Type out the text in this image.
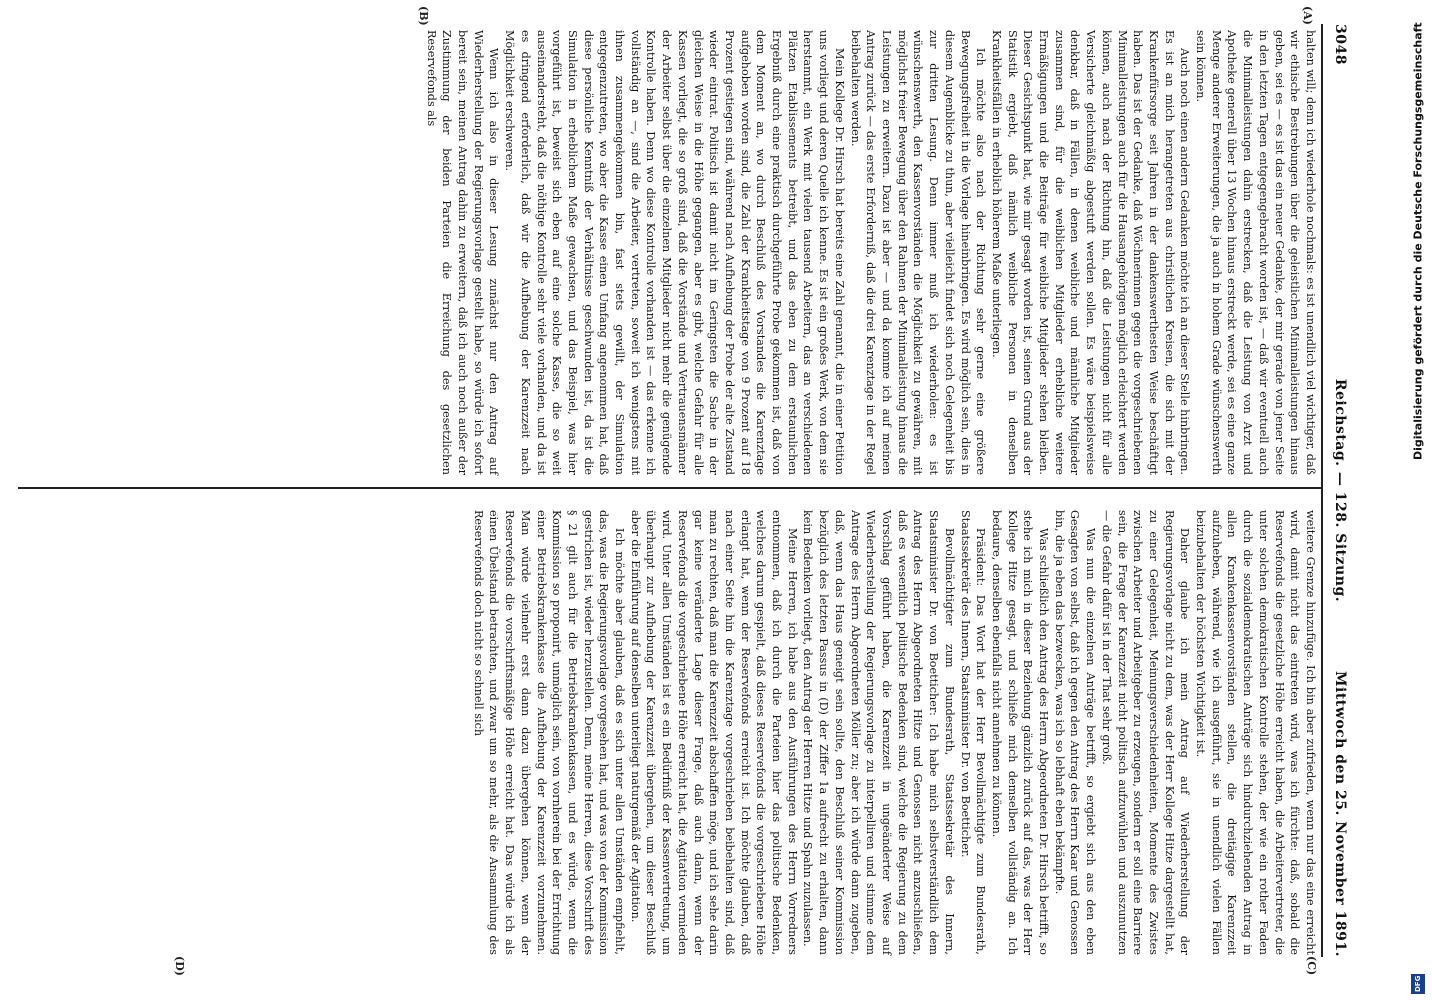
3048
Reichstag. — 128. Sitzung.
Mittwoch den 25. November 1891.
(A)
(B)
(C)
(D)

halten will; denn ich wiederhole nochmals: es ist unendlich viel wichtiger, daß wir ethische Bestrebungen über die geleistlichen Minimalleistungen hinaus geben, sei es — es ist das ein neuer Gedanke, der mir gerade von jener Seite in den letzten Tagen entgegengebracht worden ist, — daß wir eventuell auch die Minimalleistungen dahin erstrecken, daß die Leistung von Arzt und Apotheke generell über 13 Wochen hinaus erstreckt werde, sei es eine ganze Menge anderer Erweiterungen, die ja auch in hohem Grade wünschenswerth sein können.

Auch noch einen andern Gedanken möchte ich an dieser Stelle hinbringen. Es ist an mich herangetreten aus christlichen Kreisen, die sich mit der Krankenfürsorge seit Jahren in der dankenswerthesten Weise beschäftigt haben. Das ist der Gedanke, daß Wöchnerinnen gegen die vorgeschriebenen Minimalleistungen auch für die Hausangehörigen möglich erleichtert werden können, auch nach der Richtung hin, daß die Leistungen nicht für alle Versicherte gleichmäßig abgestuft werden sollen. Es wäre beispielsweise denkbar, daß in Fällen, in denen weibliche und männliche Mitglieder zusammen sind, für die weiblichen Mitglieder erhebliche weitere Ermäßigungen und die Beiträge für weibliche Mitglieder stehen bleiben. Dieser Gesichtspunkt hat, wie mir gesagt worden ist, seinen Grund aus der Statistik ergiebt, daß nämlich weibliche Personen in denselben Krankheitsfällen in erheblich höherem Maße unterliegen.

Ich möchte also nach der Richtung sehr gerne eine größere Bewegungsfreiheit in die Vorlage hineinbringen. Es wird möglich sein, dies in diesem Augenblicke zu thun, aber vielleicht findet sich noch Gelegenheit bis zur dritten Lesung. Denn immer muß ich wiederholen: es ist wünschenswerth, den Kassenvorständen die Möglichkeit zu gewähren, mit möglichst freier Bewegung über den Rahmen der Minimalleistung hinaus die Leistungen zu erweitern. Dazu ist aber — und da komme ich auf meinen Antrag zurück — das erste Erforderniß, daß die drei Karenztage in der Regel beibehalten werden.

Mein Kollege Dr. Hirsch hat bereits eine Zahl genannt, die in einer Petition uns vorliegt und deren Quelle ich kenne. Es ist ein großes Werk, von dem sie herstammt, ein Werk mit vielen tausend Arbeitern, das an verschiedenen Plätzen Etablissements betreibt, und das eben zu dem erstaunlichen Ergebniß durch eine praktisch durchgeführte Probe gekommen ist, daß von dem Moment an, wo durch Beschluß des Vorstandes die Karenztage aufgehoben worden sind, die Zahl der Krankheitstage von 9 Prozent auf 18 Prozent gestiegen sind, während nach Aufhebung der Probe der alte Zustand wieder eintrat. Politisch ist damit nicht im Geringsten die Sache in der gleichen Weise in die Höhe gegangen, aber es gibt, welche Gefahr für alle Kassen vorliegt, die so groß sind, daß die Vorstände und Vertrauensmänner der Arbeiter selbst über die einzelnen Mitglieder nicht mehr die genügende Kontrolle haben. Denn wo diese Kontrolle vorhanden ist — das erkenne ich vollständig an —, sind die Arbeiter, vertreten, soweit ich wenigstens mit ihnen zusammengekommen bin, fast stets gewillt, der Simulation entgegenzutreten, wo aber die Kasse einen Umfang angenommen hat, daß diese persönliche Kenntniß der Verhältnisse geschwunden ist, da ist die Simulation in erheblichem Maße gewachsen, und das Beispiel, was hier vorgeführt ist, beweist sich eben auf eine solche Kasse, die so weit auseinandersteht, daß die nöthige Kontrolle sehr viele vorhanden, und da ist es dringend erforderlich, daß wir die Aufhebung der Karenzzeit nach Möglichkeit erschweren.

Wenn ich also in dieser Lesung zunächst nur den Antrag auf Wiederherstellung der Regierungsvorlage gestellt habe, so würde ich sofort bereit sein, meinen Antrag dahin zu erweitern, daß ich auch noch außer der Zustimmung der beiden Parteien die Erreichung des gesetzlichen Reservefonds als

weitere Grenze hinzufüge. Ich bin aber zufrieden, wenn nur das eine erreicht wird, damit nicht das eintreten wird, was ich fürchte: daß, sobald die Reservefonds die gesetzliche Höhe erreicht haben, die Arbeitervertreter, die unter solchen demokratischen Kontrolle stehen, der wie ein rother Faden durch die sozialdemokratischen Anträge sich hindurchziehenden Antrag in allen Krankenkassenvorständen stellen, die dreitägige Karenzzeit aufzuheben, während, wie ich ausgeführt, sie in unendlich vielen Fällen beizubehalten der höchsten Wichtigkeit ist.

Daher glaube ich mein Antrag auf Wiederherstellung der Regierungsvorlage nicht zu dem, was der Herr Kollege Hitze dargestellt hat, zu einer Gelegenheit, Meinungsverschiedenheiten, Momente des Zwistes zwischen Arbeiter und Arbeitgeber zu erzeugen, sondern er soll eine Barriere sein, die Frage der Karenzzeit nicht politisch aufzuwühlen und auszunutzen — die Gefahr dafür ist in der That sehr groß.

Was nun die einzelnen Anträge betrifft, so ergiebt sich aus den eben Gesagten von selbst, daß ich gegen den Antrag des Herrn Kaar und Genossen bin, die ja eben das bezwecken, was ich so lebhaft eben bekämpfte.

Was schließlich den Antrag des Herrn Abgeordneten Dr. Hirsch betrifft, so stehe ich mich in dieser Beziehung gänzlich zurück auf das, was der Herr Kollege Hitze gesagt, und schließe mich demselben vollständig an. Ich bedaure, denselben ebenfalls nicht annehmen zu können.

Präsident: Das Wort hat der Herr Bevollmächtigte zum Bundesrath, Staatssekretär des Innern, Staatsminister Dr. von Boetticher.

Bevollmächtigter zum Bundesrath, Staatssekretär des Innern, Staatsminister Dr. von Boetticher: Ich habe mich selbstverständlich dem Antrag des Herrn Abgeordneten Hitze und Genossen nicht anzuschließen, daß es wesentlich politische Bedenken sind, welche die Regierung zu dem Vorschlag geführt haben, die Karenzzeit in ungeänderter Weise auf Wiederherstellung der Regierungsvorlage zu interpelliren und stimme dem Antrage des Herrn Abgeordneten Möller zu; aber ich würde dann zugeben, daß, wenn das Haus geneigt sein sollte, den Beschluß seiner Kommission bezüglich des letzten Passus in (D) der Ziffer 1a aufrecht zu erhalten, dann kein Bedenken vorliegt, den Antrag der Herren Hitze und Spahn zuzulassen.

Meine Herren, ich habe aus den Ausführungen des Herrn Vorredners entnommen, daß ich durch die Parteien hier das politische Bedenken, welches darum gespielt, daß dieses Reservefonds die vorgeschriebene Höhe erlangt hat, wenn der Reservefonds erreicht ist. Ich möchte glauben, daß nach einer Seite hin die Karenztage vorgeschrieben beibehalten sind, daß man zu rechten, daß man die Karenzzeit abschaffen möge, und ich sehe darin gar keine veränderte Lage dieser Frage, daß auch dann, wenn der Reservefonds die vorgeschriebene Höhe erreicht hat, die Agitation vermieden wird. Unter allen Umständen ist es ein Bedürfniß der Kassenvertretung, um überhaupt zur Aufhebung der Karenzzeit übergehen, um dieser Beschluß aber die Einführung auf denselben unterliegt naturgemäß der Agitation.

Ich möchte aber glauben, daß es sich unter allen Umständen empfiehlt, das, was die Regierungsvorlage vorgesehen hat, und was von der Kommission gestrichen ist, wieder herzustellen. Denn, meine Herren, diese Vorschrift des § 21 gilt auch für die Betriebskrankenkassen, und es würde, wenn die Kommission so proponirt, unmöglich sein, von vornherein bei der Errichtung einer Betriebskrankenkasse die Aufhebung der Karenzzeit vorzunehmen. Man würde vielmehr erst dann dazu übergehen können, wenn der Reservefonds die vorschriftsmäßige Höhe erreicht hat. Das würde ich als einen Übelstand betrachten, und zwar um so mehr, als die Ansammlung des Reservefonds doch nicht so schnell sich

Digitalisierung gefördert durch die Deutsche Forschungsgemeinschaft
DFG
